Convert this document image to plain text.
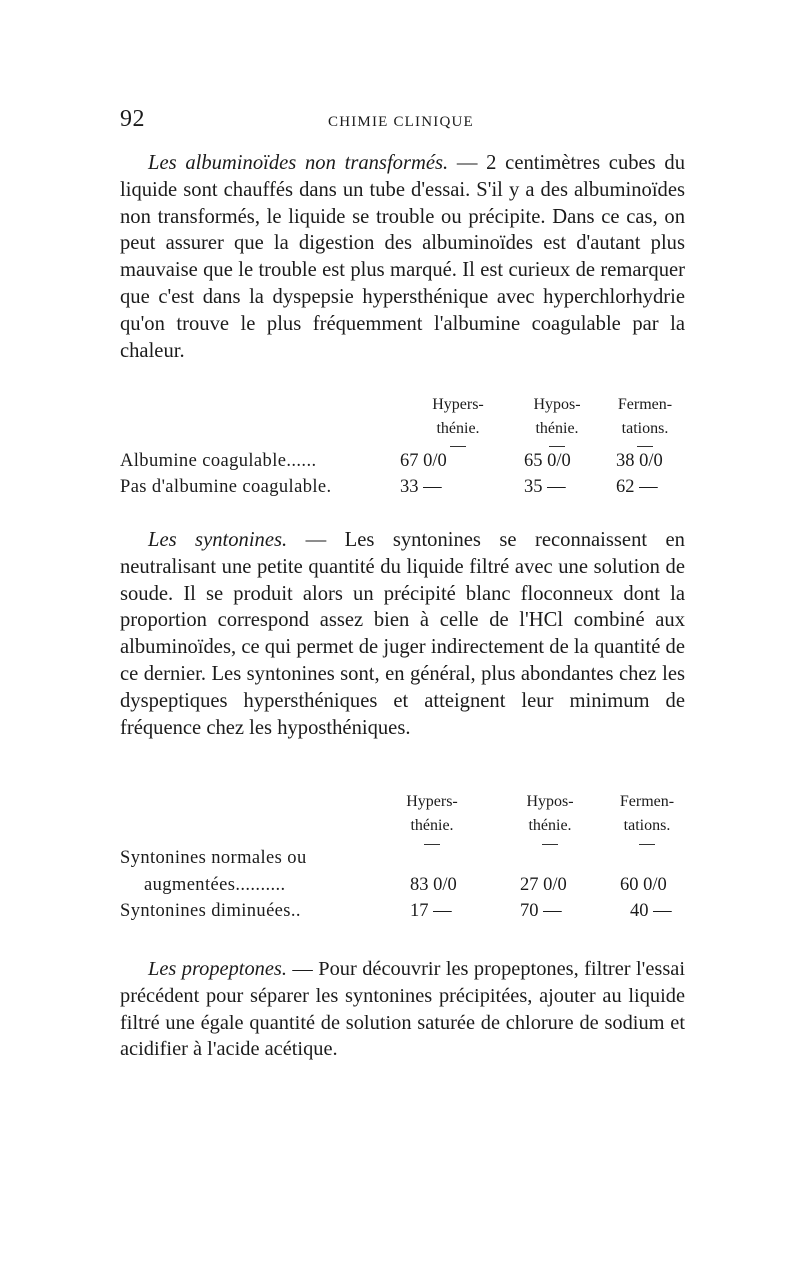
92	CHIMIE CLINIQUE

Les albuminoïdes non transformés. — 2 centimètres cubes du liquide sont chauffés dans un tube d'essai. S'il y a des albuminoïdes non transformés, le liquide se trouble ou précipite. Dans ce cas, on peut assurer que la digestion des albuminoïdes est d'autant plus mauvaise que le trouble est plus marqué. Il est curieux de remarquer que c'est dans la dyspepsie hypersthénique avec hyperchlorhydrie qu'on trouve le plus fréquemment l'albumine coagulable par la chaleur.

Hypers-
thénie.
Hypos-
thénie.
Fermen-
tations.
Albumine coagulable......	67 0/0	65 0/0 38 0/0
Pas d'albumine coagulable.	33 —	35 —	62 —

Les syntonines. — Les syntonines se reconnaissent en neutralisant une petite quantité du liquide filtré avec une solution de soude. Il se produit alors un précipité blanc floconneux dont la proportion correspond assez bien à celle de l'HCl combiné aux albuminoïdes, ce qui permet de juger indirectement de la quantité de ce dernier. Les syntonines sont, en général, plus abondantes chez les dyspeptiques hypersthéniques et atteignent leur minimum de fréquence chez les hyposthéniques.

Hypers-
thénie.
Hypos-
thénie.
Fermen-
tations.
Syntonines normales ou
augmentées..........	83 0/0	27 0/0	60 0/0
Syntonines diminuées..	17 —	70 —	40 —

Les propeptones. — Pour découvrir les propeptones, filtrer l'essai précédent pour séparer les syntonines précipitées, ajouter au liquide filtré une égale quantité de solution saturée de chlorure de sodium et acidifier à l'acide acétique.
